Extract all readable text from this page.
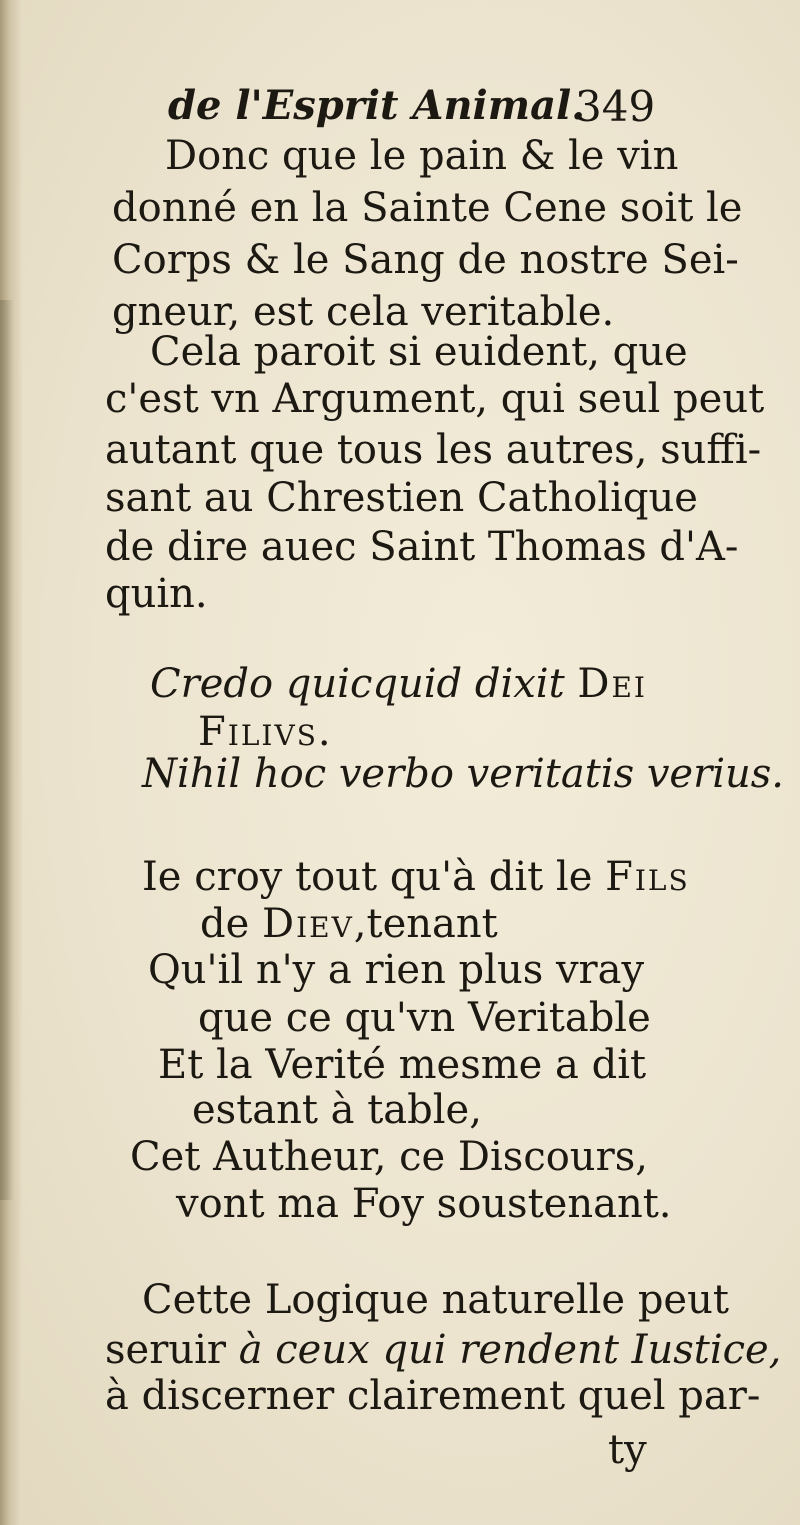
de l'Esprit Animal.
349
Donc que le pain & le vin
donné en la Sainte Cene soit le
Corps & le Sang de nostre Sei-
gneur, est cela veritable.
Cela paroit si euident, que
c'est vn Argument, qui seul peut
autant que tous les autres, suffi-
sant au Chrestien Catholique
de dire auec Saint Thomas d'A-
quin.
Credo quicquid dixit Dei
Filivs.
Nihil hoc verbo veritatis verius.
Ie croy tout qu'à dit le Fils
de Diev,tenant
Qu'il n'y a rien plus vray
que ce qu'vn Veritable
Et la Verité mesme a dit
estant à table,
Cet Autheur, ce Discours,
vont ma Foy soustenant.
Cette Logique naturelle peut
seruir à ceux qui rendent Iustice,
à discerner clairement quel par-
ty
